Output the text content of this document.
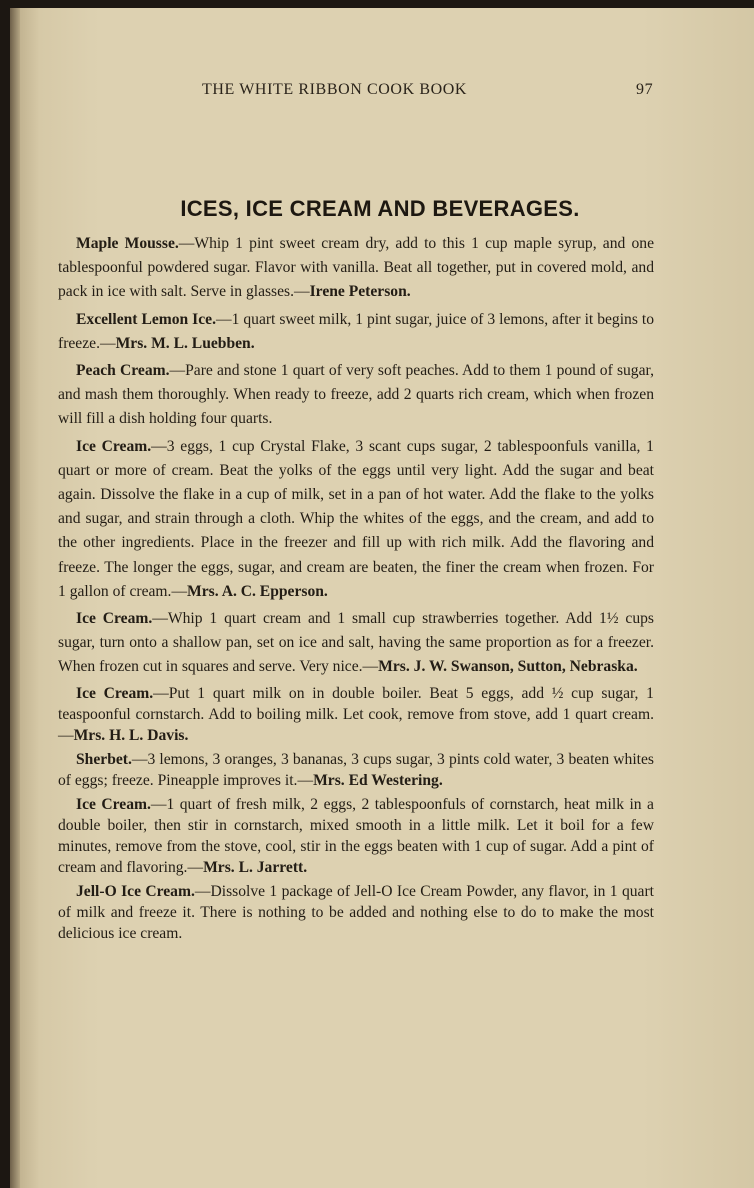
THE WHITE RIBBON COOK BOOK	97
ICES, ICE CREAM AND BEVERAGES.

Maple Mousse.—Whip 1 pint sweet cream dry, add to this 1 cup maple syrup, and one tablespoonful powdered sugar. Flavor with vanilla. Beat all together, put in covered mold, and pack in ice with salt. Serve in glasses.—Irene Peterson.

Excellent Lemon Ice.—1 quart sweet milk, 1 pint sugar, juice of 3 lemons, after it begins to freeze.—Mrs. M. L. Luebben.

Peach Cream.—Pare and stone 1 quart of very soft peaches. Add to them 1 pound of sugar, and mash them thoroughly. When ready to freeze, add 2 quarts rich cream, which when frozen will fill a dish holding four quarts.

Ice Cream.—3 eggs, 1 cup Crystal Flake, 3 scant cups sugar, 2 tablespoonfuls vanilla, 1 quart or more of cream. Beat the yolks of the eggs until very light. Add the sugar and beat again. Dissolve the flake in a cup of milk, set in a pan of hot water. Add the flake to the yolks and sugar, and strain through a cloth. Whip the whites of the eggs, and the cream, and add to the other ingredients. Place in the freezer and fill up with rich milk. Add the flavoring and freeze. The longer the eggs, sugar, and cream are beaten, the finer the cream when frozen. For 1 gallon of cream.—Mrs. A. C. Epperson.

Ice Cream.—Whip 1 quart cream and 1 small cup strawberries together. Add 1½ cups sugar, turn onto a shallow pan, set on ice and salt, having the same proportion as for a freezer. When frozen cut in squares and serve. Very nice.—Mrs. J. W. Swanson, Sutton, Nebraska.

Ice Cream.—Put 1 quart milk on in double boiler. Beat 5 eggs, add ½ cup sugar, 1 teaspoonful cornstarch. Add to boiling milk. Let cook, remove from stove, add 1 quart cream.—Mrs. H. L. Davis.

Sherbet.—3 lemons, 3 oranges, 3 bananas, 3 cups sugar, 3 pints cold water, 3 beaten whites of eggs; freeze. Pineapple improves it.—Mrs. Ed Westering.

Ice Cream.—1 quart of fresh milk, 2 eggs, 2 tablespoonfuls of cornstarch, heat milk in a double boiler, then stir in cornstarch, mixed smooth in a little milk. Let it boil for a few minutes, remove from the stove, cool, stir in the eggs beaten with 1 cup of sugar. Add a pint of cream and flavoring.—Mrs. L. Jarrett.

Jell-O Ice Cream.—Dissolve 1 package of Jell-O Ice Cream Powder, any flavor, in 1 quart of milk and freeze it. There is nothing to be added and nothing else to do to make the most delicious ice cream.
